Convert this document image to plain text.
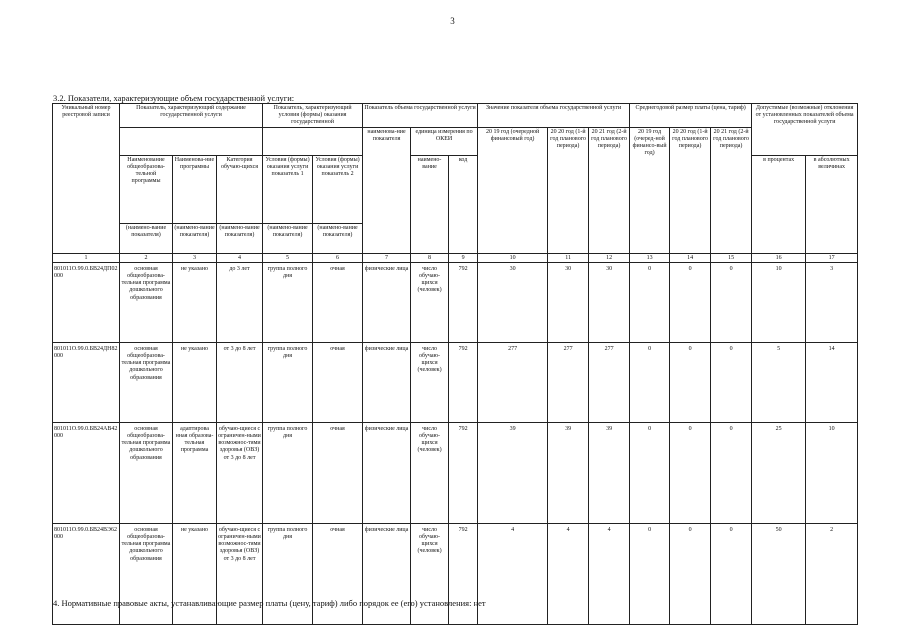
3
3.2. Показатели, характеризующие объем государственной услуги:
Уникальный номер реестровой записи	Показатель, характеризующий содержание государственной услуги			Показатель, характеризующий условия (формы) оказания государственной		Показатель объема государственной услуги			Значение показателя объема государственной услуги			Среднегодовой размер платы (цена, тариф)			Допустимые (возможные) отклонения от установленных показателей объема государственной услуги	
						наименова-ние показателя	единица измерения по ОКЕИ		20 19 год (очередной финансовый год)	20 20 год (1-й год планового периода)	20 21 год (2-й год планового периода)	20 19 год (очеред-ной финансо-вый год)	20 20 год (1-й год планового периода)	20 21 год (2-й год планового периода)		
	Наименование общеобразова-тельной программы	Наименова-ние программы	Категория обучаю-щихся	Условия (формы) оказания услуги показатель 1	Условия (формы) оказания услуги показатель 2		наимено-вание	код							в процентах	в абсолютных величинах
	(наимено-вание показателя)	(наимено-вание показателя)	(наимено-вание показателя)	(наимено-вание показателя)	(наимено-вание показателя)											
1	2	3	4	5	6	7	8	9	10	11	12	13	14	15	16	17
801011О.99.0.БВ24ДП02000	основная общеобразова-тельная программа дошкольного образования	не указано	до 3 лет	группа полного дня	очная	физические лица	число обучаю-щихся (человек)	792	30	30	30	0	0	0	10	3
801011О.99.0.БВ24ДН82000	основная общеобразова-тельная программа дошкольного образования	не указано	от 3 до 8 лет	группа полного дня	очная	физические лица	число обучаю-щихся (человек)	792	277	277	277	0	0	0	5	14
801011О.99.0.БВ24АВ42000	основная общеобразова-тельная программа дошкольного образования	адаптирова нная образова-тельная программа	обучаю-щиеся с ограничен-ными возможнос-тями здоровья (ОВЗ) от 3 до 8 лет	группа полного дня	очная	физические лица	число обучаю-щихся (человек)	792	39	39	39	0	0	0	25	10
801011О.99.0.БВ24ВЭ62000	основная общеобразова-тельная программа дошкольного образования	не указано	обучаю-щиеся с ограничен-ными возможнос-тями здоровья (ОВЗ) от 3 до 8 лет	группа полного дня	очная	физические лица	число обучаю-щихся (человек)	792	4	4	4	0	0	0	50	2
4. Нормативные правовые акты, устанавливающие размер платы (цену, тариф) либо порядок ее (его) установления: нет
